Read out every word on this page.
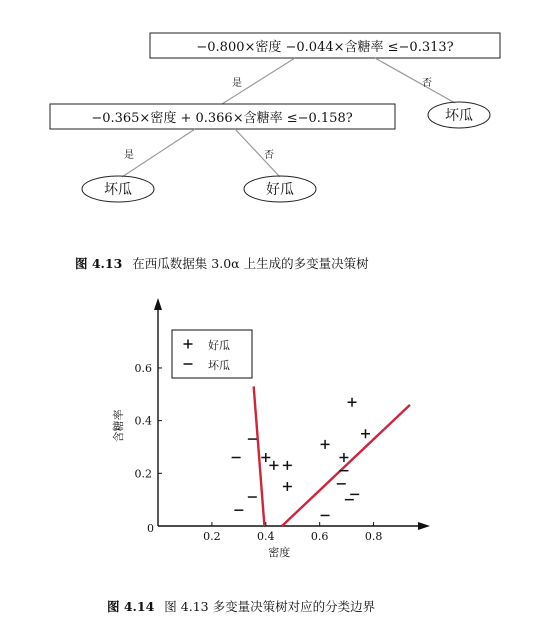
−0.800×密度 −0.044×含糖率 ≤−0.313?
是	否
坏瓜
−0.365×密度 + 0.366×含糖率 ≤−0.158?
是	否
坏瓜	好瓜
图 4.13 在西瓜数据集 3.0α 上生成的多变量决策树
0.2	0.4	0.6	0.8
0.2
0.4
0.6
0
密度
含糖率
好瓜
坏瓜
图 4.14 图 4.13 多变量决策树对应的分类边界
